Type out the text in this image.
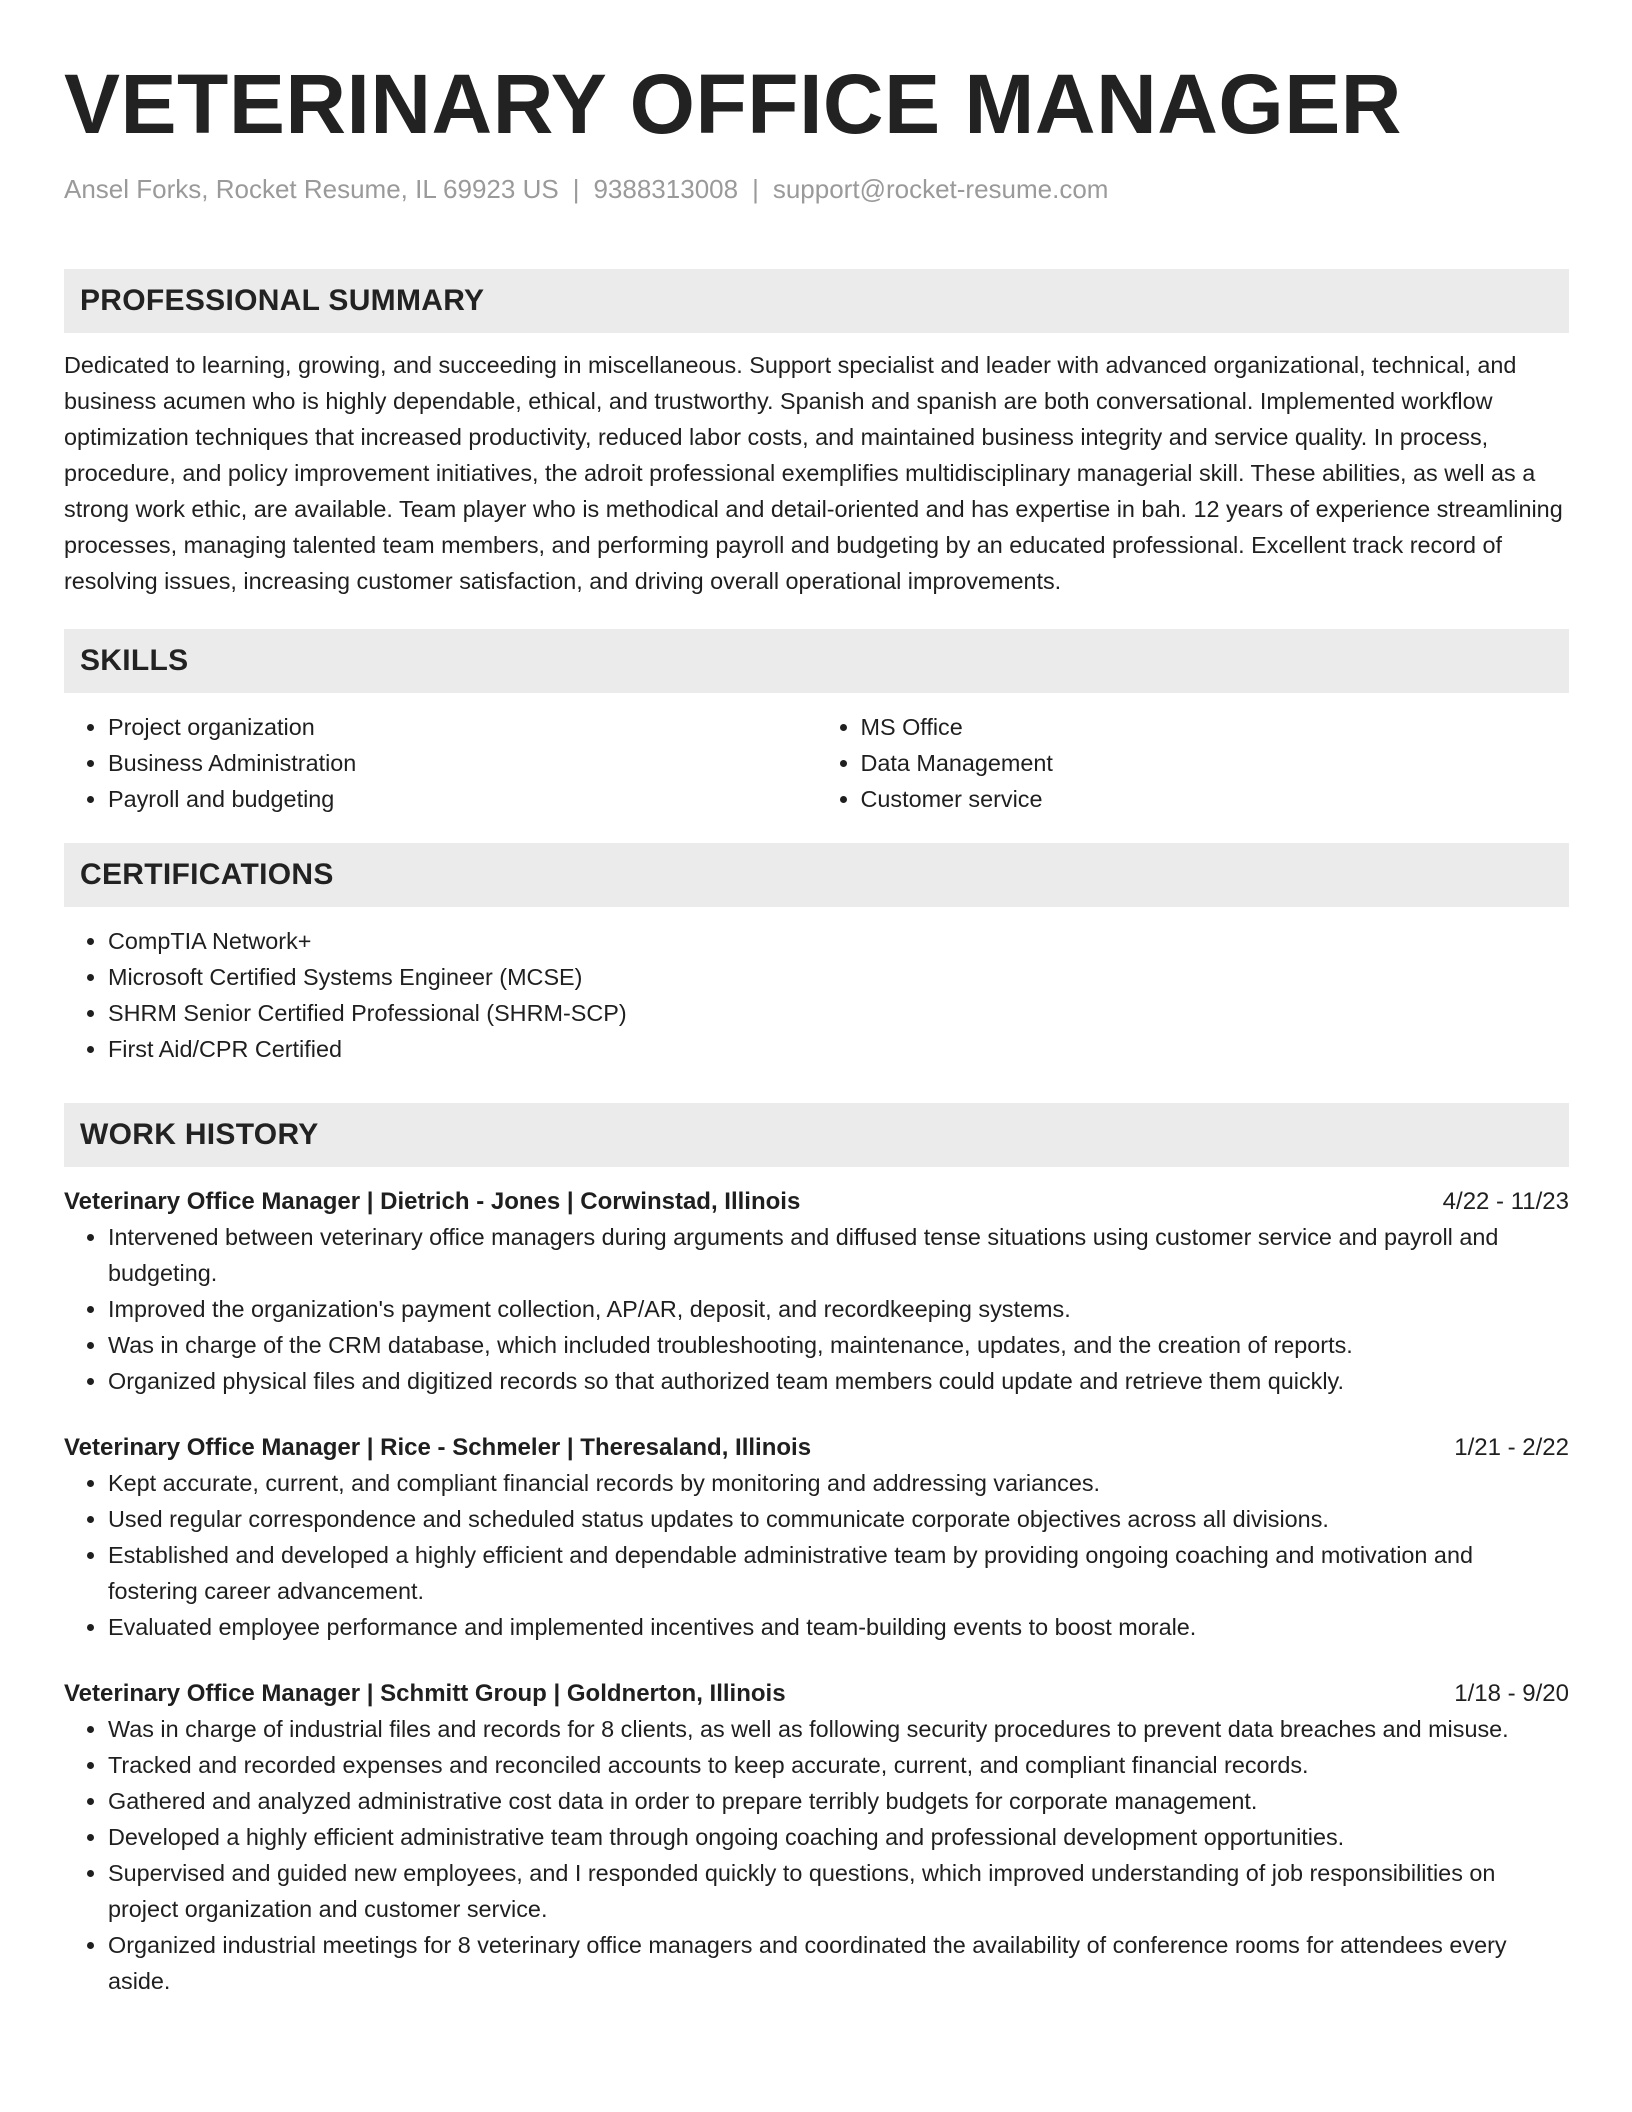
VETERINARY OFFICE MANAGER
Ansel Forks, Rocket Resume, IL 69923 US | 9388313008 | support@rocket-resume.com
PROFESSIONAL SUMMARY
Dedicated to learning, growing, and succeeding in miscellaneous. Support specialist and leader with advanced organizational, technical, and business acumen who is highly dependable, ethical, and trustworthy. Spanish and spanish are both conversational. Implemented workflow optimization techniques that increased productivity, reduced labor costs, and maintained business integrity and service quality. In process, procedure, and policy improvement initiatives, the adroit professional exemplifies multidisciplinary managerial skill. These abilities, as well as a strong work ethic, are available. Team player who is methodical and detail-oriented and has expertise in bah. 12 years of experience streamlining processes, managing talented team members, and performing payroll and budgeting by an educated professional. Excellent track record of resolving issues, increasing customer satisfaction, and driving overall operational improvements.
SKILLS
• Project organization
• Business Administration
• Payroll and budgeting
• MS Office
• Data Management
• Customer service
CERTIFICATIONS
• CompTIA Network+
• Microsoft Certified Systems Engineer (MCSE)
• SHRM Senior Certified Professional (SHRM-SCP)
• First Aid/CPR Certified
WORK HISTORY
Veterinary Office Manager | Dietrich - Jones | Corwinstad, Illinois	4/22 - 11/23
• Intervened between veterinary office managers during arguments and diffused tense situations using customer service and payroll and budgeting.
• Improved the organization's payment collection, AP/AR, deposit, and recordkeeping systems.
• Was in charge of the CRM database, which included troubleshooting, maintenance, updates, and the creation of reports.
• Organized physical files and digitized records so that authorized team members could update and retrieve them quickly.
Veterinary Office Manager | Rice - Schmeler | Theresaland, Illinois	1/21 - 2/22
• Kept accurate, current, and compliant financial records by monitoring and addressing variances.
• Used regular correspondence and scheduled status updates to communicate corporate objectives across all divisions.
• Established and developed a highly efficient and dependable administrative team by providing ongoing coaching and motivation and fostering career advancement.
• Evaluated employee performance and implemented incentives and team-building events to boost morale.
Veterinary Office Manager | Schmitt Group | Goldnerton, Illinois	1/18 - 9/20
• Was in charge of industrial files and records for 8 clients, as well as following security procedures to prevent data breaches and misuse.
• Tracked and recorded expenses and reconciled accounts to keep accurate, current, and compliant financial records.
• Gathered and analyzed administrative cost data in order to prepare terribly budgets for corporate management.
• Developed a highly efficient administrative team through ongoing coaching and professional development opportunities.
• Supervised and guided new employees, and I responded quickly to questions, which improved understanding of job responsibilities on project organization and customer service.
• Organized industrial meetings for 8 veterinary office managers and coordinated the availability of conference rooms for attendees every aside.
